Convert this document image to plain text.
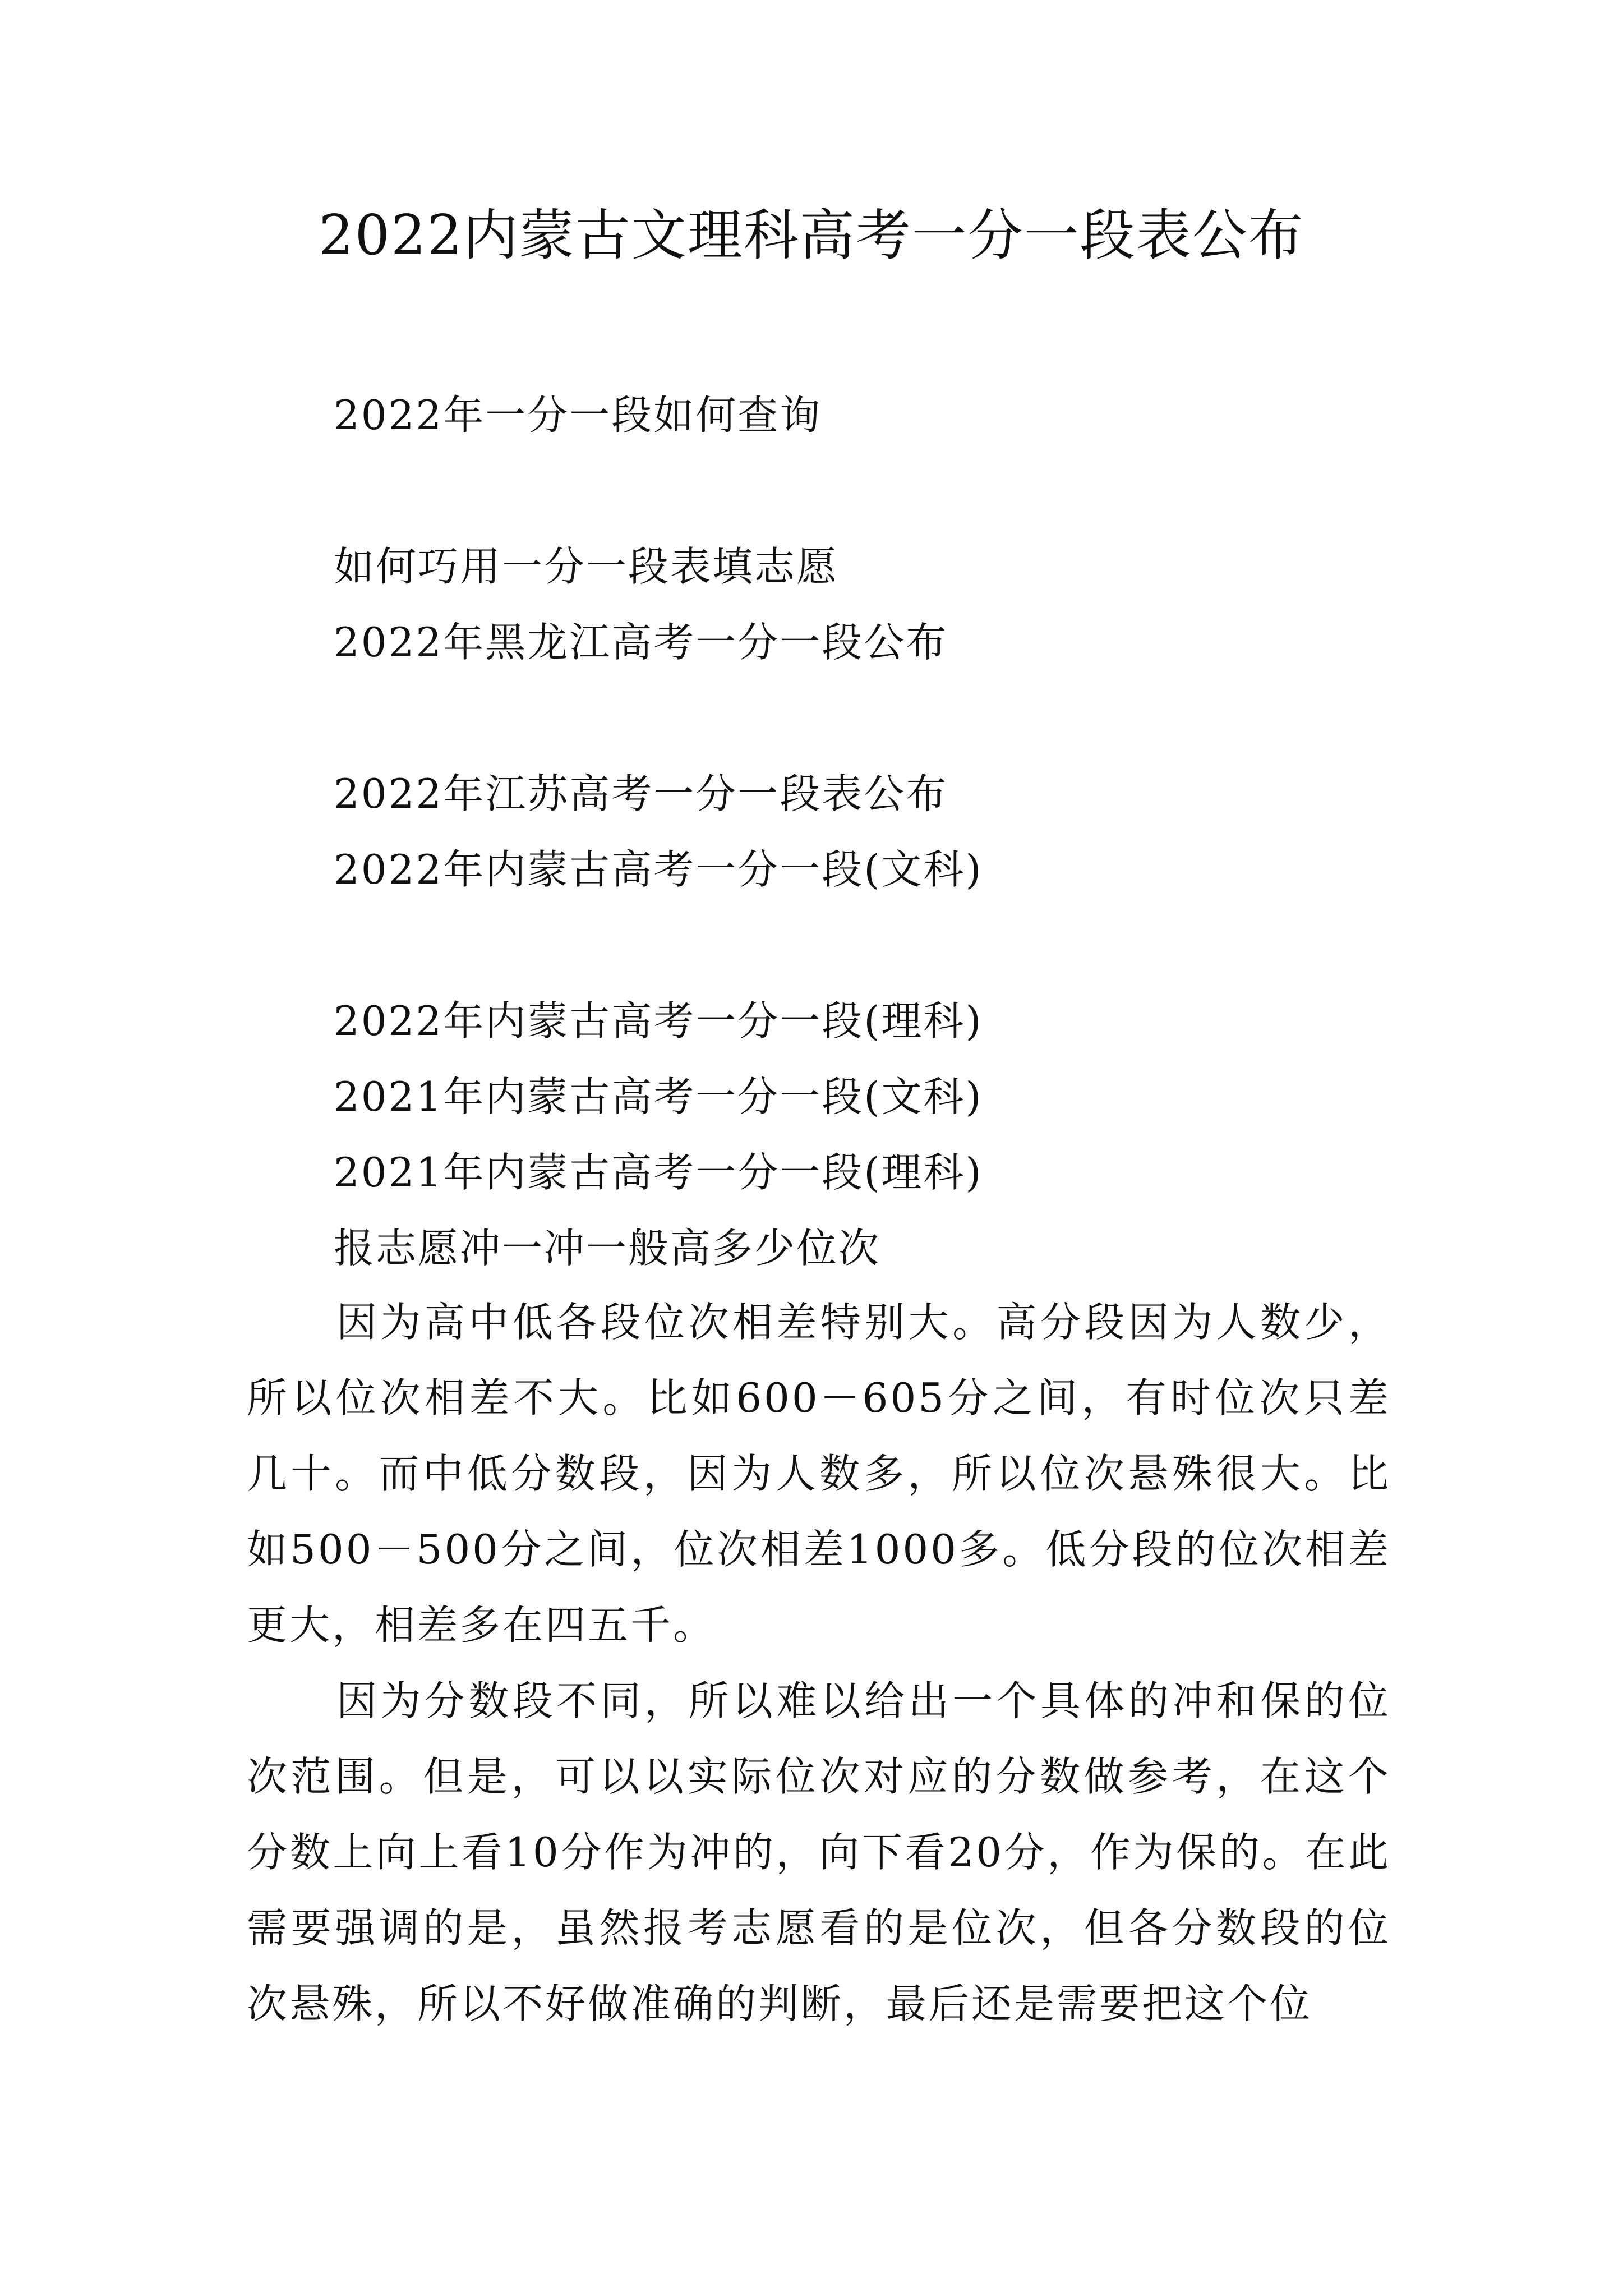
2022内蒙古文理科高考一分一段表公布
2022年一分一段如何查询
如何巧用一分一段表填志愿
2022年黑龙江高考一分一段公布
2022年江苏高考一分一段表公布
2022年内蒙古高考一分一段(文科)
2022年内蒙古高考一分一段(理科)
2021年内蒙古高考一分一段(文科)
2021年内蒙古高考一分一段(理科)
报志愿冲一冲一般高多少位次

因为高中低各段位次相差特别大。高分段因为人数少，所以位次相差不大。比如600－605分之间，有时位次只差几十。而中低分数段，因为人数多，所以位次悬殊很大。比如500－500分之间，位次相差1000多。低分段的位次相差更大，相差多在四五千。

因为分数段不同，所以难以给出一个具体的冲和保的位次范围。但是，可以以实际位次对应的分数做参考，在这个分数上向上看10分作为冲的，向下看20分，作为保的。在此需要强调的是，虽然报考志愿看的是位次，但各分数段的位次悬殊，所以不好做准确的判断，最后还是需要把这个位
